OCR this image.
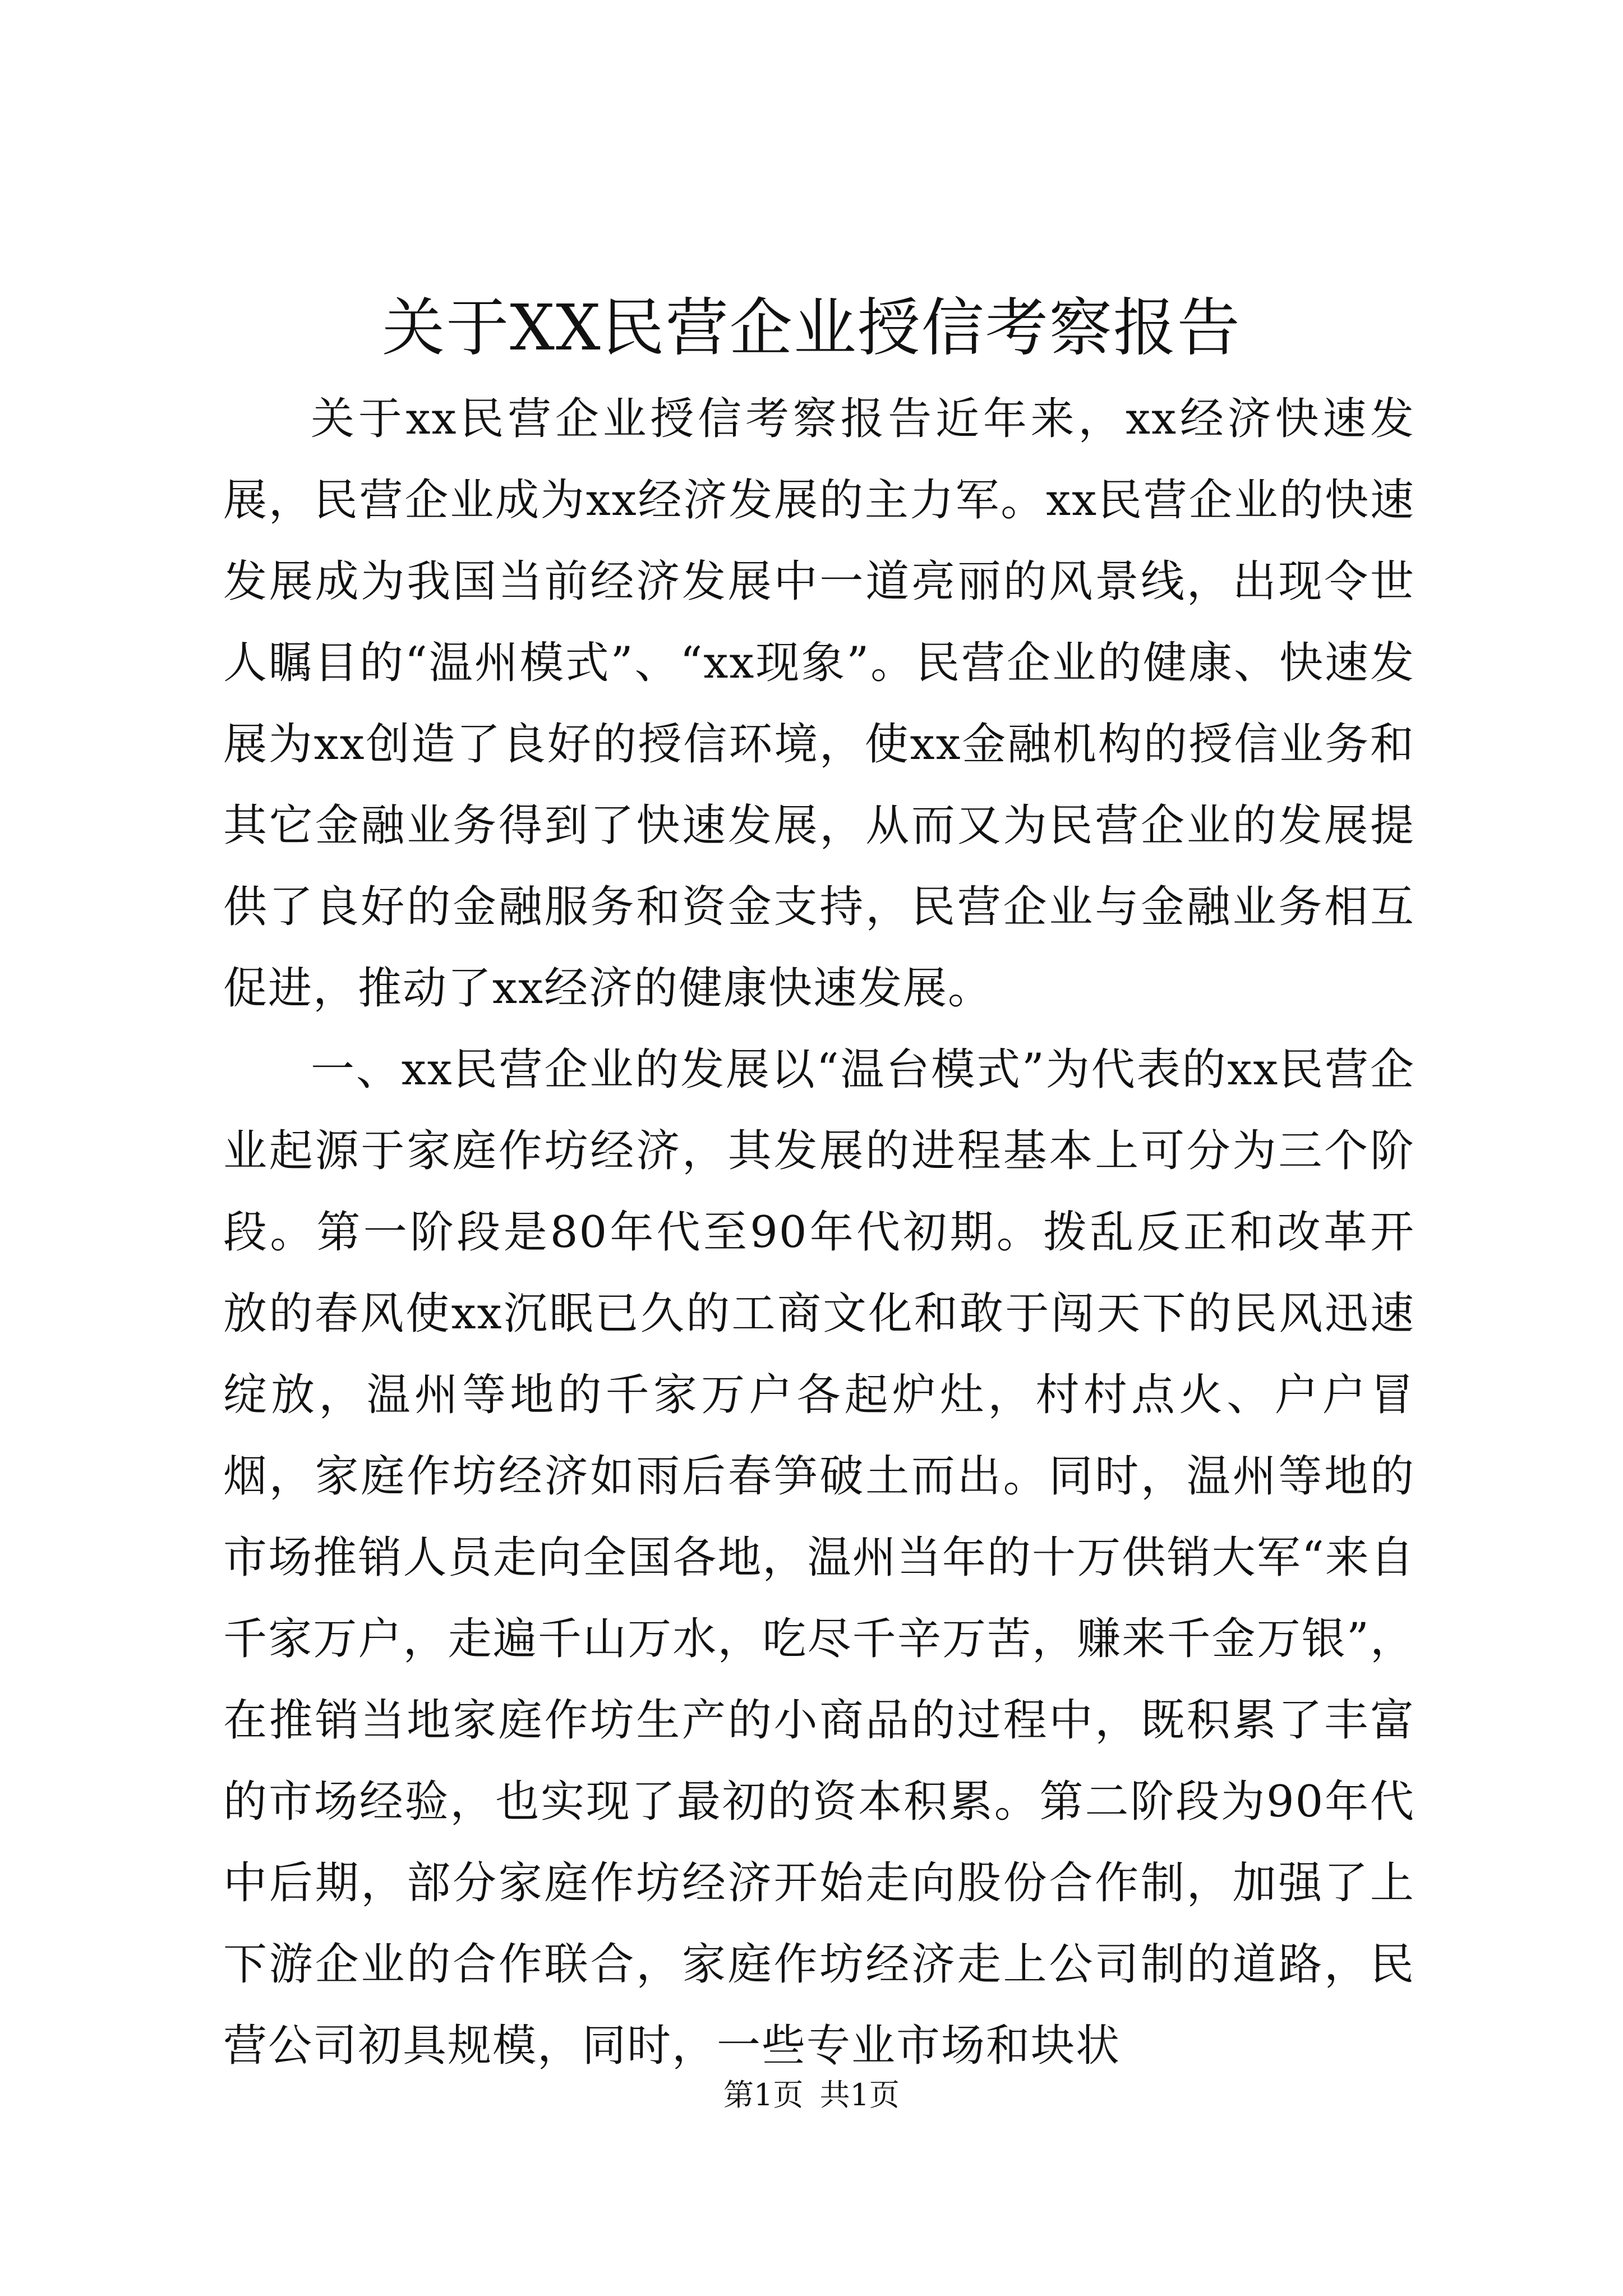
关于XX民营企业授信考察报告

关于xx民营企业授信考察报告近年来，xx经济快速发展，民营企业成为xx经济发展的主力军。xx民营企业的快速发展成为我国当前经济发展中一道亮丽的风景线，出现令世人瞩目的“温州模式”、“xx现象”。民营企业的健康、快速发展为xx创造了良好的授信环境，使xx金融机构的授信业务和其它金融业务得到了快速发展，从而又为民营企业的发展提供了良好的金融服务和资金支持，民营企业与金融业务相互促进，推动了xx经济的健康快速发展。

一、xx民营企业的发展以“温台模式”为代表的xx民营企业起源于家庭作坊经济，其发展的进程基本上可分为三个阶段。第一阶段是80年代至90年代初期。拨乱反正和改革开放的春风使xx沉眠已久的工商文化和敢于闯天下的民风迅速绽放，温州等地的千家万户各起炉灶，村村点火、户户冒烟，家庭作坊经济如雨后春笋破土而出。同时，温州等地的市场推销人员走向全国各地，温州当年的十万供销大军“来自千家万户，走遍千山万水，吃尽千辛万苦，赚来千金万银”，在推销当地家庭作坊生产的小商品的过程中，既积累了丰富的市场经验，也实现了最初的资本积累。第二阶段为90年代中后期，部分家庭作坊经济开始走向股份合作制，加强了上下游企业的合作联合，家庭作坊经济走上公司制的道路，民营公司初具规模，同时，一些专业市场和块状

第1页 共1页
